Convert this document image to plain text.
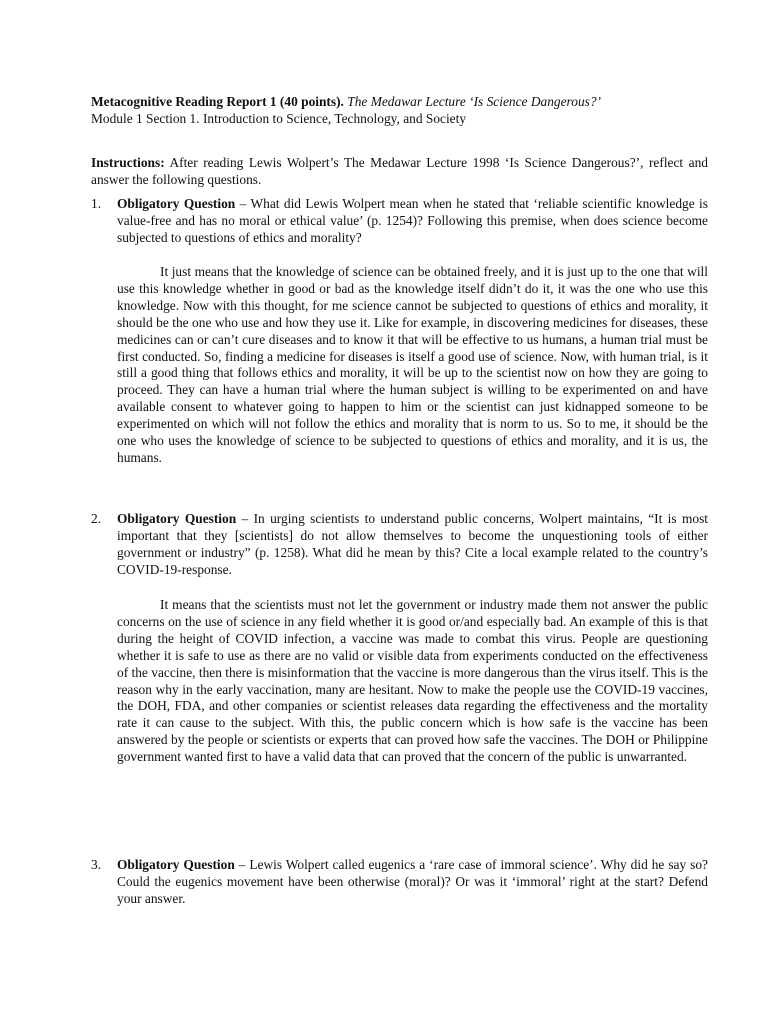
Metacognitive Reading Report 1 (40 points). The Medawar Lecture ‘Is Science Dangerous?’

Module 1 Section 1. Introduction to Science, Technology, and Society

Instructions: After reading Lewis Wolpert’s The Medawar Lecture 1998 ‘Is Science Dangerous?’, reflect and answer the following questions.

1.	Obligatory Question – What did Lewis Wolpert mean when he stated that ‘reliable scientific knowledge is value-free and has no moral or ethical value’ (p. 1254)? Following this premise, when does science become subjected to questions of ethics and morality?

It just means that the knowledge of science can be obtained freely, and it is just up to the one that will use this knowledge whether in good or bad as the knowledge itself didn’t do it, it was the one who use this knowledge. Now with this thought, for me science cannot be subjected to questions of ethics and morality, it should be the one who use and how they use it. Like for example, in discovering medicines for diseases, these medicines can or can’t cure diseases and to know it that will be effective to us humans, a human trial must be first conducted. So, finding a medicine for diseases is itself a good use of science. Now, with human trial, is it still a good thing that follows ethics and morality, it will be up to the scientist now on how they are going to proceed. They can have a human trial where the human subject is willing to be experimented on and have available consent to whatever going to happen to him or the scientist can just kidnapped someone to be experimented on which will not follow the ethics and morality that is norm to us. So to me, it should be the one who uses the knowledge of science to be subjected to questions of ethics and morality, and it is us, the humans.

2.	Obligatory Question – In urging scientists to understand public concerns, Wolpert maintains, “It is most important that they [scientists] do not allow themselves to become the unquestioning tools of either government or industry” (p. 1258). What did he mean by this? Cite a local example related to the country’s COVID-19-response.

It means that the scientists must not let the government or industry made them not answer the public concerns on the use of science in any field whether it is good or/and especially bad. An example of this is that during the height of COVID infection, a vaccine was made to combat this virus. People are questioning whether it is safe to use as there are no valid or visible data from experiments conducted on the effectiveness of the vaccine, then there is misinformation that the vaccine is more dangerous than the virus itself. This is the reason why in the early vaccination, many are hesitant. Now to make the people use the COVID-19 vaccines, the DOH, FDA, and other companies or scientist releases data regarding the effectiveness and the mortality rate it can cause to the subject. With this, the public concern which is how safe is the vaccine has been answered by the people or scientists or experts that can proved how safe the vaccines. The DOH or Philippine government wanted first to have a valid data that can proved that the concern of the public is unwarranted.

3.	Obligatory Question – Lewis Wolpert called eugenics a ‘rare case of immoral science’. Why did he say so? Could the eugenics movement have been otherwise (moral)? Or was it ‘immoral’ right at the start? Defend your answer.
